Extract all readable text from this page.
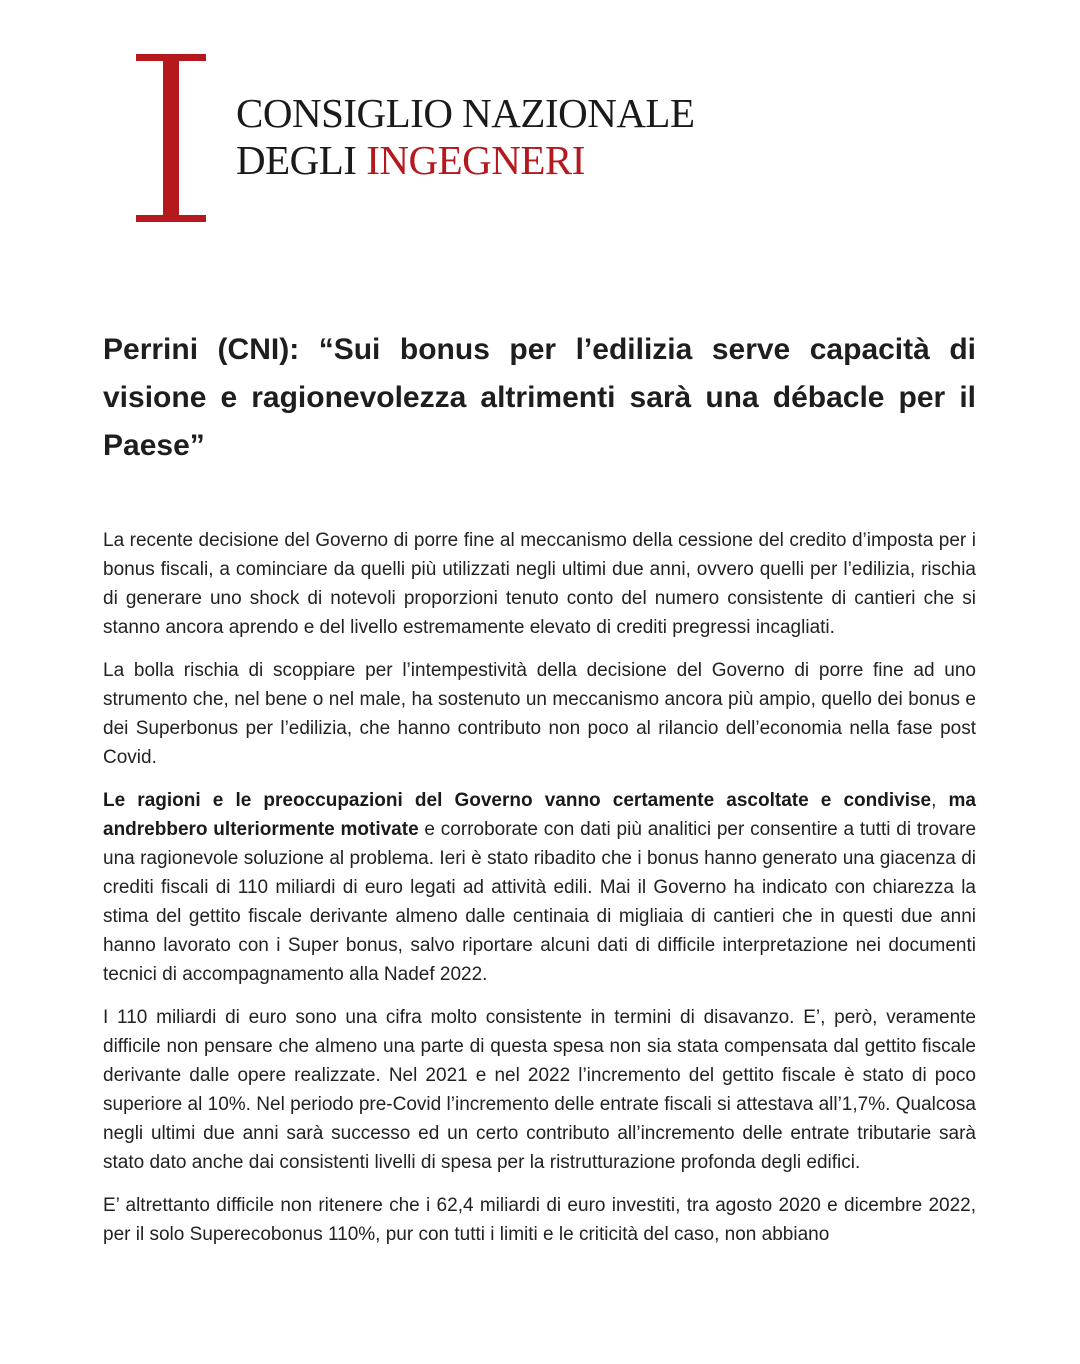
CONSIGLIO NAZIONALE
DEGLI INGEGNERI
Perrini (CNI): “Sui bonus per l’edilizia serve capacità di visione e ragionevolezza altrimenti sarà una débacle per il Paese”

La recente decisione del Governo di porre fine al meccanismo della cessione del credito d’imposta per i bonus fiscali, a cominciare da quelli più utilizzati negli ultimi due anni, ovvero quelli per l’edilizia, rischia di generare uno shock di notevoli proporzioni tenuto conto del numero consistente di cantieri che si stanno ancora aprendo e del livello estremamente elevato di crediti pregressi incagliati.

La bolla rischia di scoppiare per l’intempestività della decisione del Governo di porre fine ad uno strumento che, nel bene o nel male, ha sostenuto un meccanismo ancora più ampio, quello dei bonus e dei Superbonus per l’edilizia, che hanno contributo non poco al rilancio dell’economia nella fase post Covid.

Le ragioni e le preoccupazioni del Governo vanno certamente ascoltate e condivise, ma andrebbero ulteriormente motivate e corroborate con dati più analitici per consentire a tutti di trovare una ragionevole soluzione al problema. Ieri è stato ribadito che i bonus hanno generato una giacenza di crediti fiscali di 110 miliardi di euro legati ad attività edili. Mai il Governo ha indicato con chiarezza la stima del gettito fiscale derivante almeno dalle centinaia di migliaia di cantieri che in questi due anni hanno lavorato con i Super bonus, salvo riportare alcuni dati di difficile interpretazione nei documenti tecnici di accompagnamento alla Nadef 2022.

I 110 miliardi di euro sono una cifra molto consistente in termini di disavanzo. E’, però, veramente difficile non pensare che almeno una parte di questa spesa non sia stata compensata dal gettito fiscale derivante dalle opere realizzate. Nel 2021 e nel 2022 l’incremento del gettito fiscale è stato di poco superiore al 10%. Nel periodo pre-Covid l’incremento delle entrate fiscali si attestava all’1,7%. Qualcosa negli ultimi due anni sarà successo ed un certo contributo all’incremento delle entrate tributarie sarà stato dato anche dai consistenti livelli di spesa per la ristrutturazione profonda degli edifici.

E’ altrettanto difficile non ritenere che i 62,4 miliardi di euro investiti, tra agosto 2020 e dicembre 2022, per il solo Superecobonus 110%, pur con tutti i limiti e le criticità del caso, non abbiano
